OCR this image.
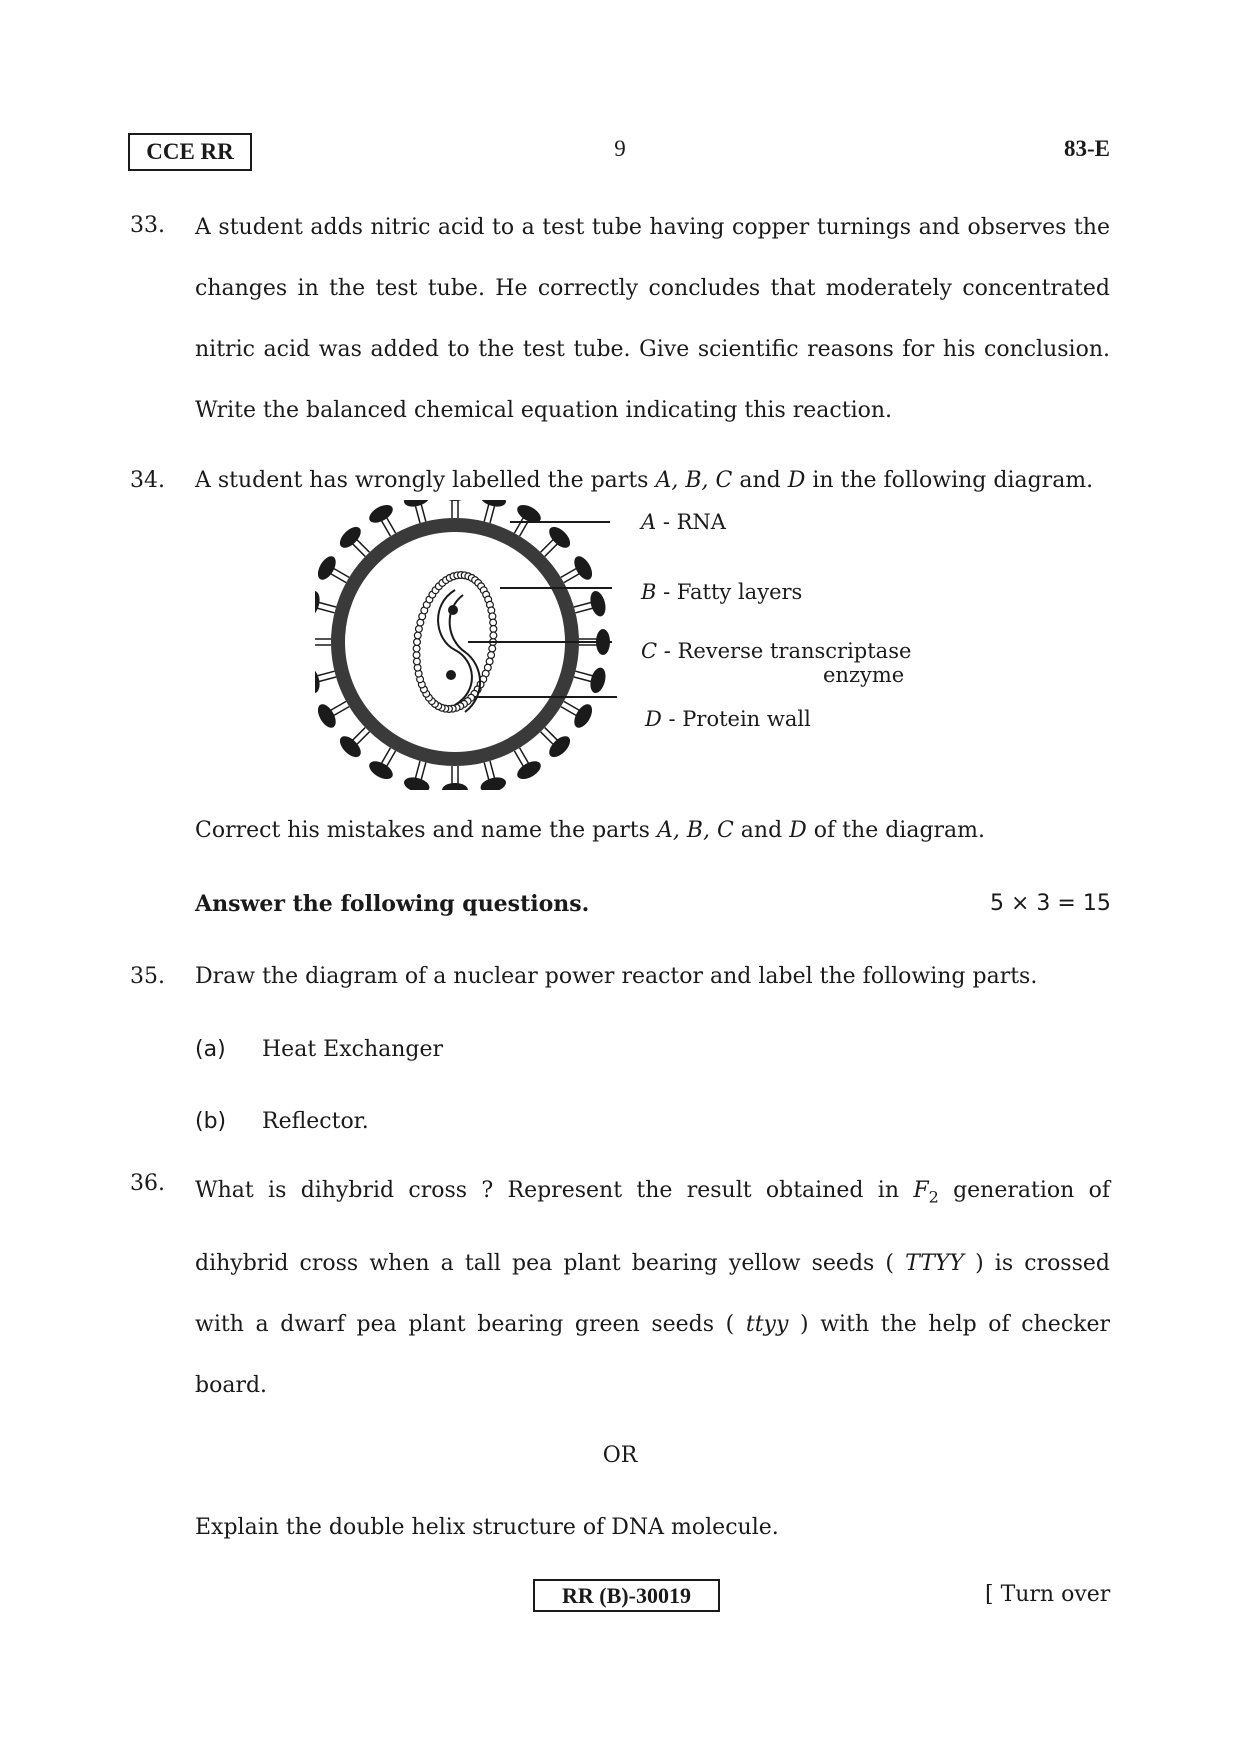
CCE RR	9	83-E
33. A student adds nitric acid to a test tube having copper turnings and observes the
changes in the test tube. He correctly concludes that moderately concentrated
nitric acid was added to the test tube. Give scientific reasons for his conclusion.
Write the balanced chemical equation indicating this reaction.
34. A student has wrongly labelled the parts A, B, C and D in the following diagram.
A - RNA
B - Fatty layers
C - Reverse transcriptase
enzyme
D - Protein wall
Correct his mistakes and name the parts A, B, C and D of the diagram.
Answer the following questions.	5 × 3 = 15
35. Draw the diagram of a nuclear power reactor and label the following parts.
(a) Heat Exchanger
(b) Reflector.
36. What is dihybrid cross ? Represent the result obtained in $F_2$ generation of
dihybrid cross when a tall pea plant bearing yellow seeds ( TTYY ) is crossed
with a dwarf pea plant bearing green seeds ( ttyy ) with the help of checker
board.
OR
Explain the double helix structure of DNA molecule.
RR (B)-30019	[ Turn over
